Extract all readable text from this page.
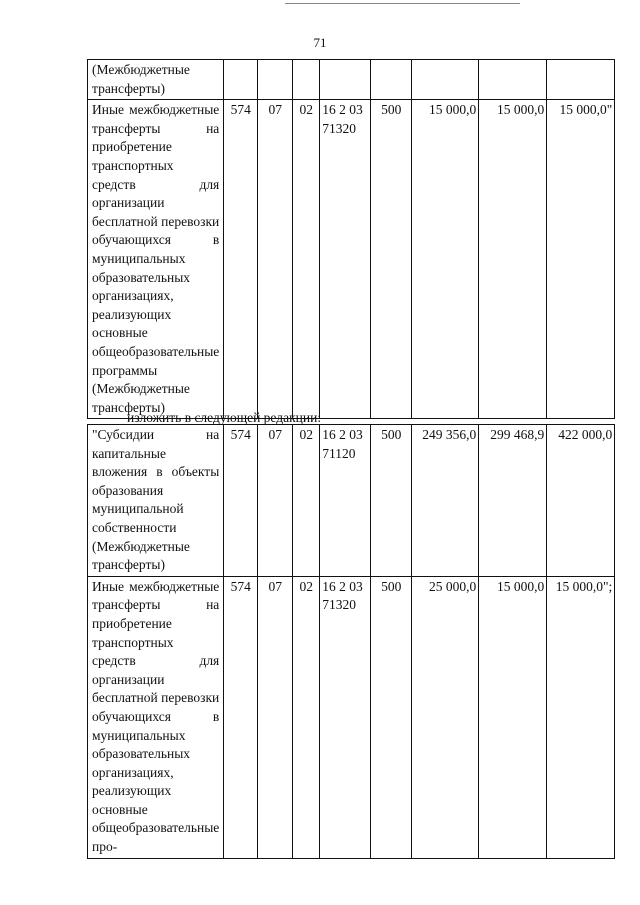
71
(Межбюджетные трансферты)								
Иные межбюджетные трансферты на приобретение транспортных средств для организации бесплатной перевозки обучающихся в муниципальных образовательных организациях, реализующих основные общеобразовательные программы (Межбюджетные трансферты)	574	07	02	16 2 03 71320	500	15 000,0	15 000,0	15 000,0"
изложить в следующей редакции:
"Субсидии на капитальные вложения в объекты образования муниципальной собственности (Межбюджетные трансферты)	574	07	02	16 2 03 71120	500	249 356,0	299 468,9	422 000,0
Иные межбюджетные трансферты на приобретение транспортных средств для организации бесплатной перевозки обучающихся в муниципальных образовательных организациях, реализующих основные общеобразовательные про-	574	07	02	16 2 03 71320	500	25 000,0	15 000,0	15 000,0";
